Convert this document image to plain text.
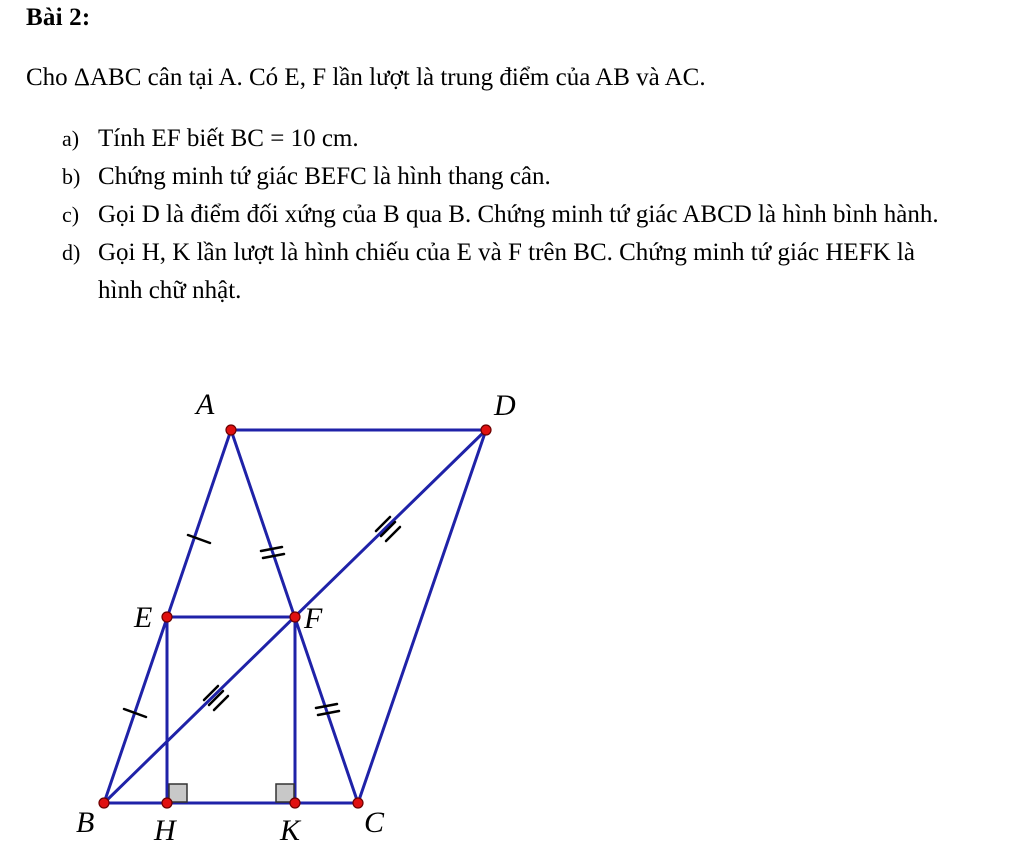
Bài 2:
Cho ΔABC cân tại A. Có E, F lần lượt là trung điểm của AB và AC.
a) Tính EF biết BC = 10 cm.
b) Chứng minh tứ giác BEFC là hình thang cân.
c) Gọi D là điểm đối xứng của B qua B. Chứng minh tứ giác ABCD là hình bình hành.
d) Gọi H, K lần lượt là hình chiếu của E và F trên BC. Chứng minh tứ giác HEFK là hình chữ nhật.
A	D
E	F
B H	K C
